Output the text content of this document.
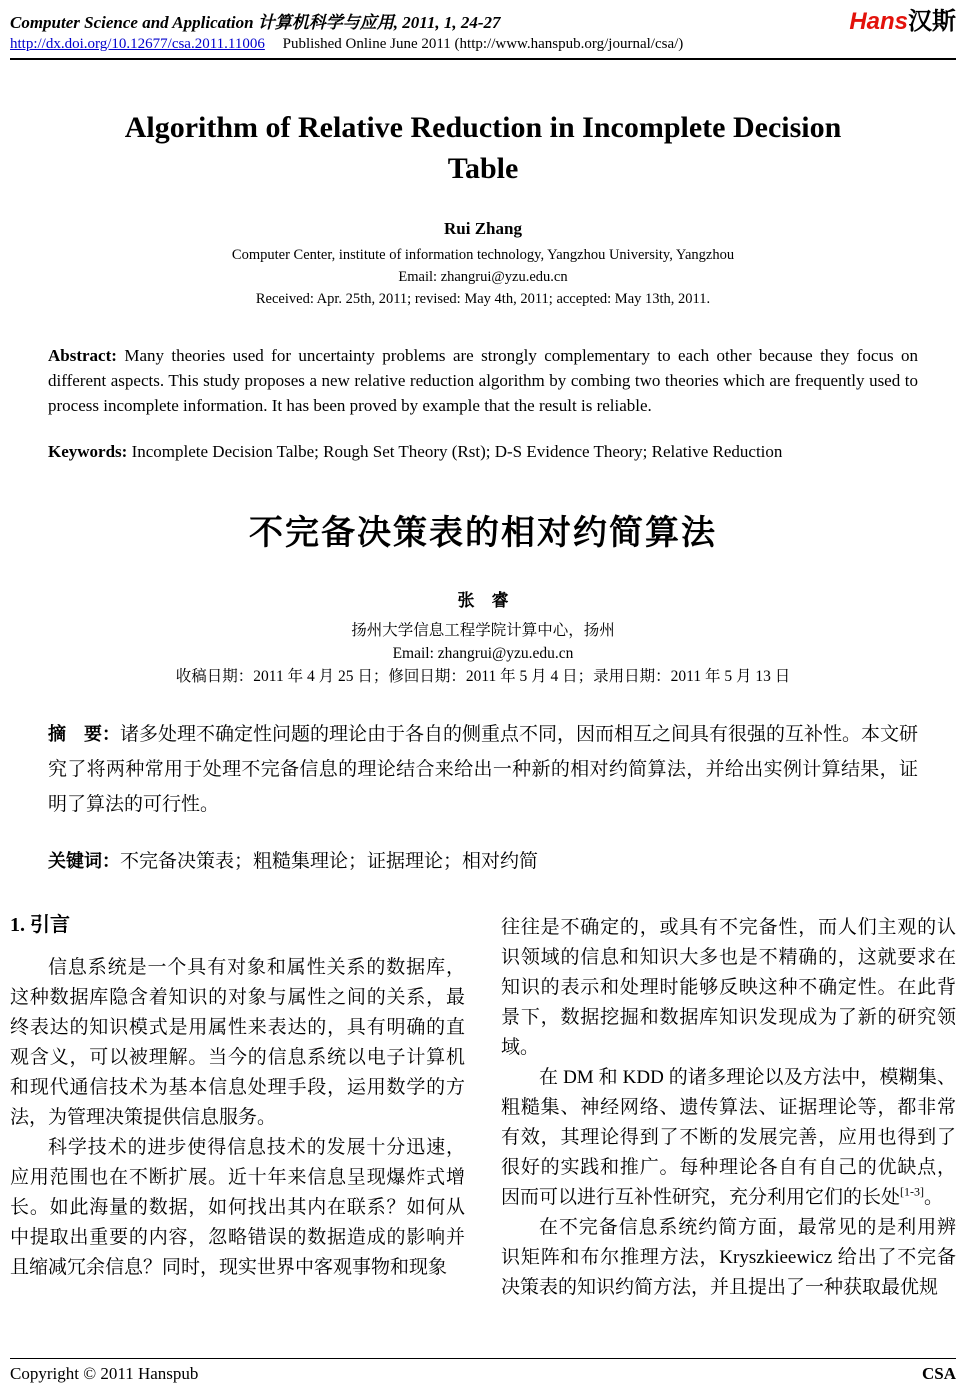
Computer Science and Application 计算机科学与应用, 2011, 1, 24-27
http://dx.doi.org/10.12677/csa.2011.11006 Published Online June 2011 (http://www.hanspub.org/journal/csa/)
Hans汉斯
Algorithm of Relative Reduction in Incomplete Decision Table
Rui Zhang
Computer Center, institute of information technology, Yangzhou University, Yangzhou
Email: zhangrui@yzu.edu.cn
Received: Apr. 25th, 2011; revised: May 4th, 2011; accepted: May 13th, 2011.
Abstract: Many theories used for uncertainty problems are strongly complementary to each other because they focus on different aspects. This study proposes a new relative reduction algorithm by combing two theories which are frequently used to process incomplete information. It has been proved by example that the result is reliable.
Keywords: Incomplete Decision Talbe; Rough Set Theory (Rst); D-S Evidence Theory; Relative Reduction
不完备决策表的相对约简算法
张　睿
扬州大学信息工程学院计算中心，扬州
Email: zhangrui@yzu.edu.cn
收稿日期：2011 年 4 月 25 日；修回日期：2011 年 5 月 4 日；录用日期：2011 年 5 月 13 日
摘　要：诸多处理不确定性问题的理论由于各自的侧重点不同，因而相互之间具有很强的互补性。本文研究了将两种常用于处理不完备信息的理论结合来给出一种新的相对约简算法，并给出实例计算结果，证明了算法的可行性。
关键词：不完备决策表；粗糙集理论；证据理论；相对约简
1. 引言

信息系统是一个具有对象和属性关系的数据库，这种数据库隐含着知识的对象与属性之间的关系，最终表达的知识模式是用属性来表达的，具有明确的直观含义，可以被理解。当今的信息系统以电子计算机和现代通信技术为基本信息处理手段，运用数学的方法，为管理决策提供信息服务。

科学技术的进步使得信息技术的发展十分迅速，应用范围也在不断扩展。近十年来信息呈现爆炸式增长。如此海量的数据，如何找出其内在联系？如何从中提取出重要的内容，忽略错误的数据造成的影响并且缩减冗余信息？同时，现实世界中客观事物和现象

往往是不确定的，或具有不完备性，而人们主观的认识领域的信息和知识大多也是不精确的，这就要求在知识的表示和处理时能够反映这种不确定性。在此背景下，数据挖掘和数据库知识发现成为了新的研究领域。

在 DM 和 KDD 的诸多理论以及方法中，模糊集、粗糙集、神经网络、遗传算法、证据理论等，都非常有效，其理论得到了不断的发展完善，应用也得到了很好的实践和推广。每种理论各自有自己的优缺点，因而可以进行互补性研究，充分利用它们的长处[1-3]。

在不完备信息系统约简方面，最常见的是利用辨识矩阵和布尔推理方法，Kryszkieewicz 给出了不完备决策表的知识约简方法，并且提出了一种获取最优规

Copyright © 2011 Hanspub	CSA
